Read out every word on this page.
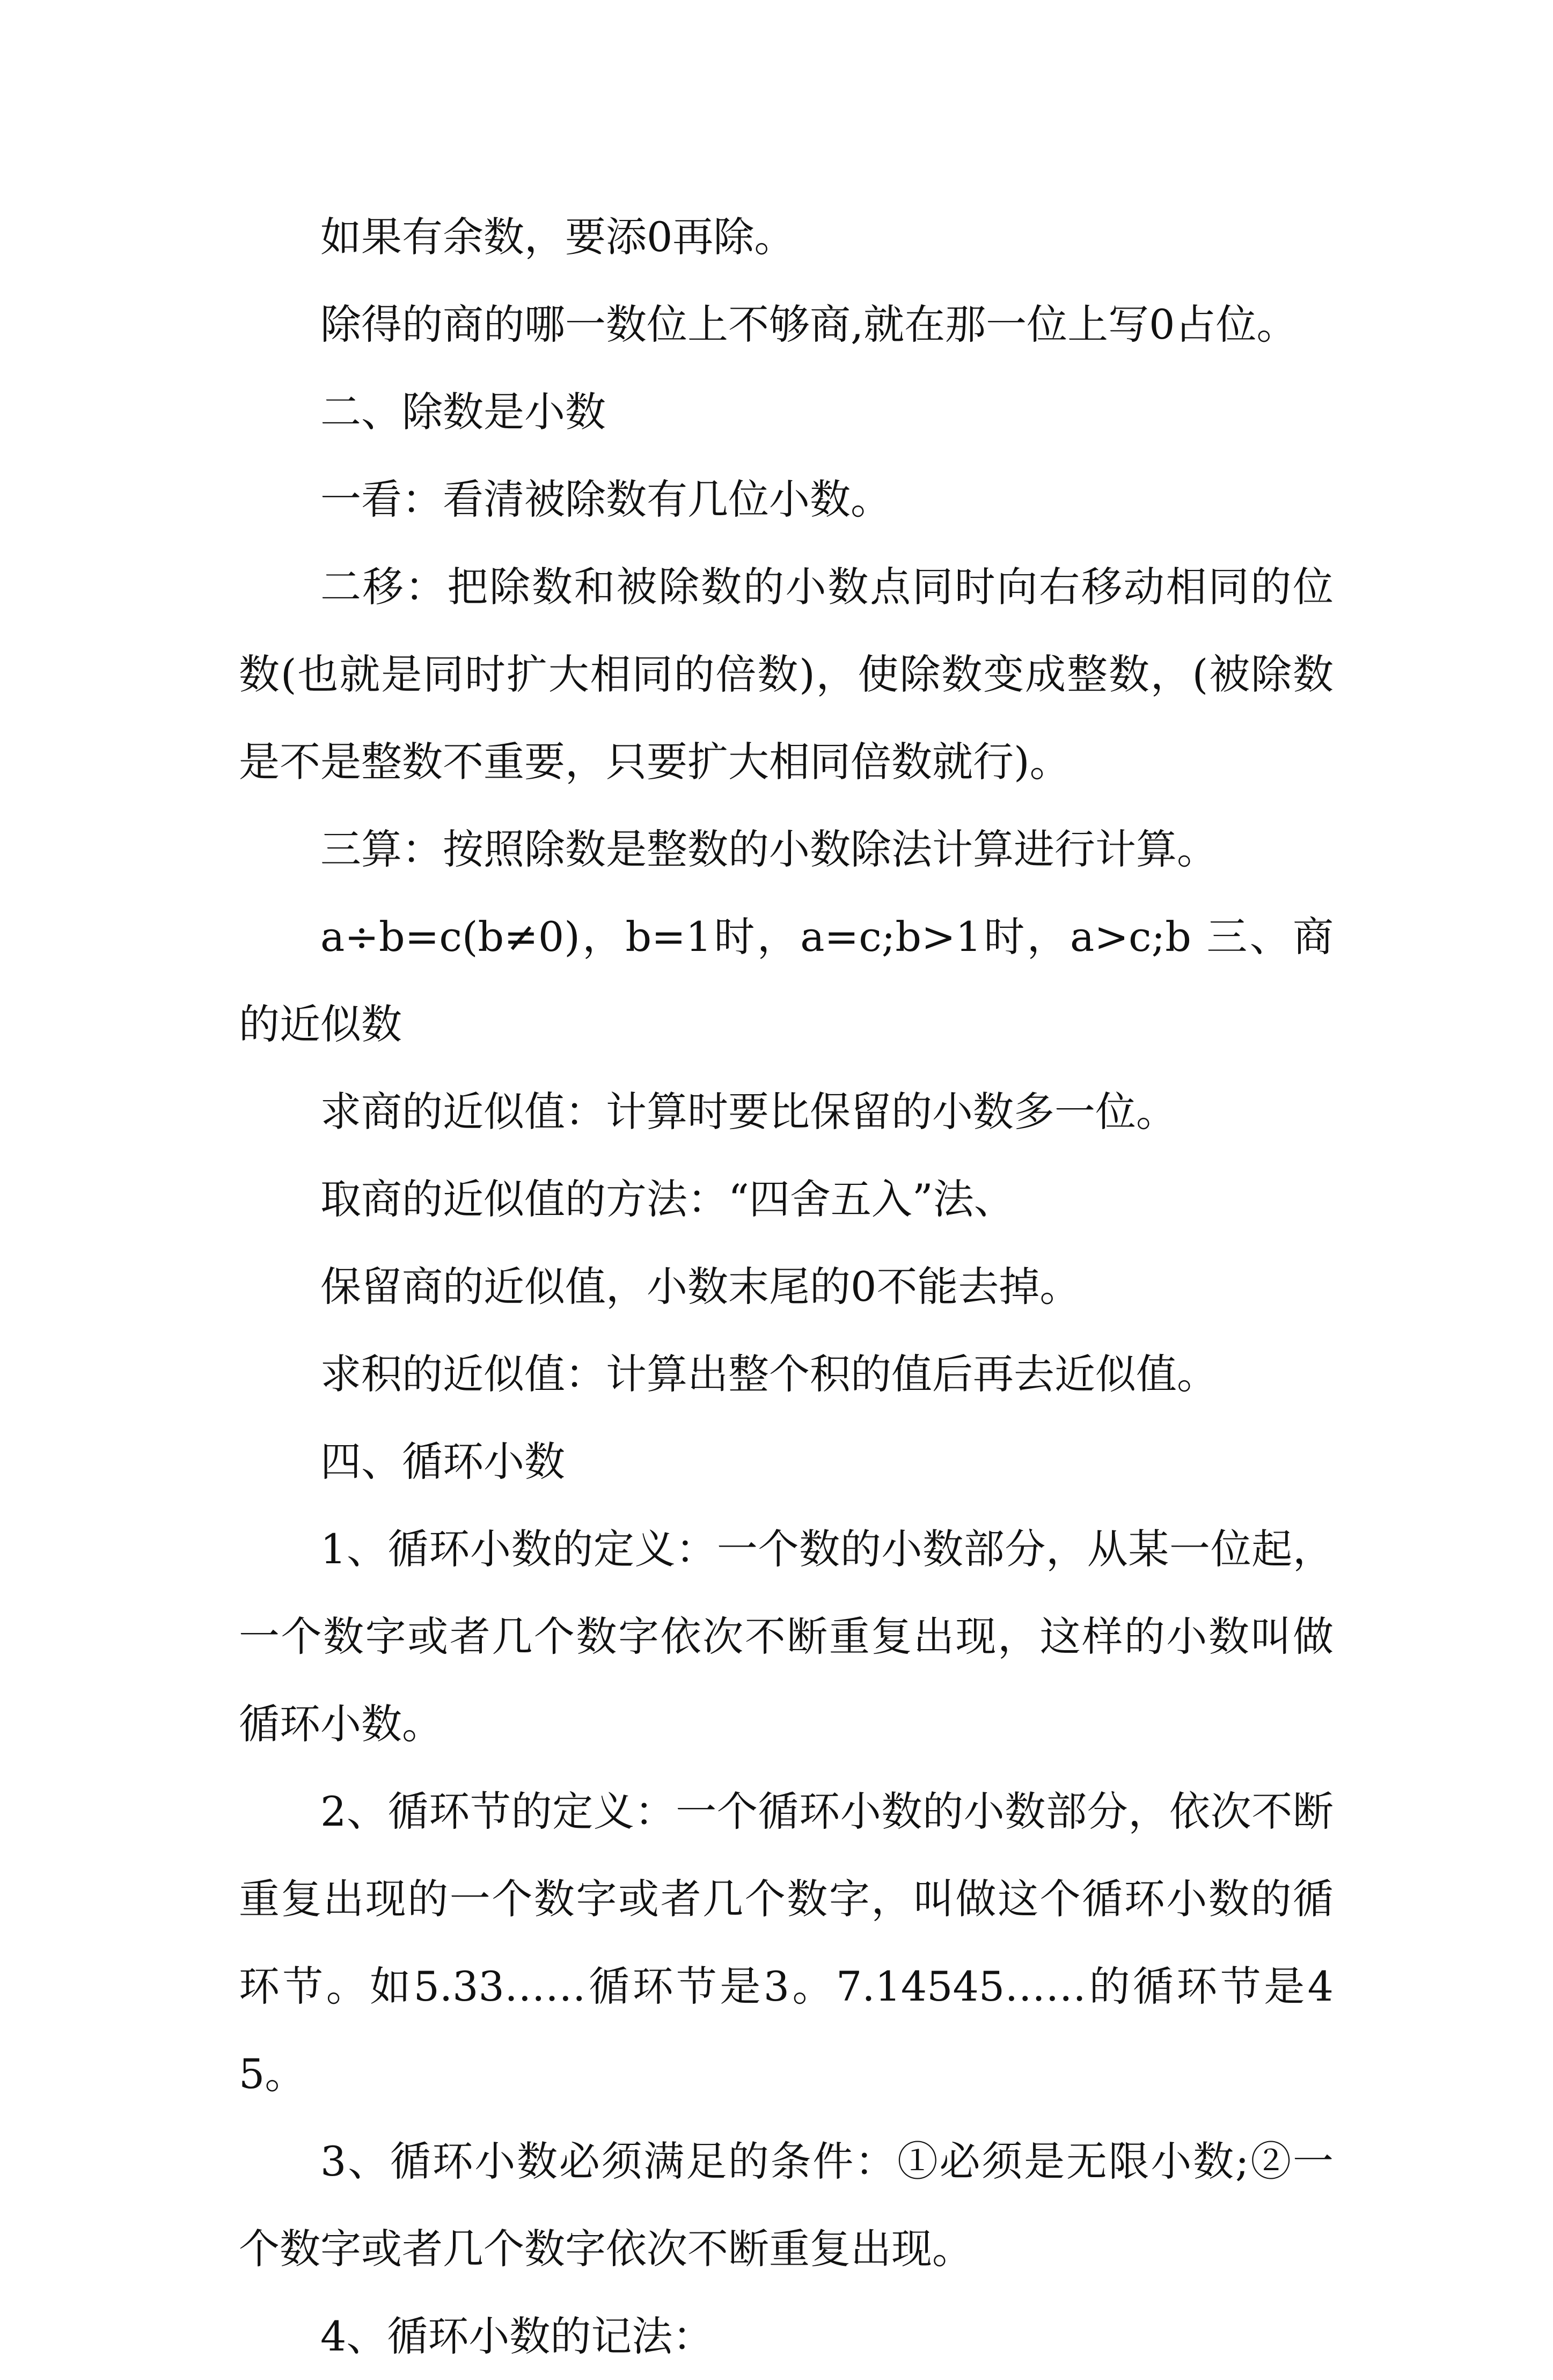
如果有余数，要添0再除。

除得的商的哪一数位上不够商,就在那一位上写0占位。

二、除数是小数

一看：看清被除数有几位小数。

二移：把除数和被除数的小数点同时向右移动相同的位数(也就是同时扩大相同的倍数)，使除数变成整数，(被除数是不是整数不重要，只要扩大相同倍数就行)。

三算：按照除数是整数的小数除法计算进行计算。

a÷b=c(b≠0)，b=1时，a=c;b>1时，a>c;b 三、商的近似数

求商的近似值：计算时要比保留的小数多一位。

取商的近似值的方法：“四舍五入”法、

保留商的近似值，小数末尾的0不能去掉。

求积的近似值：计算出整个积的值后再去近似值。

四、循环小数

1、循环小数的定义：一个数的小数部分，从某一位起，一个数字或者几个数字依次不断重复出现，这样的小数叫做循环小数。

2、循环节的定义：一个循环小数的小数部分，依次不断重复出现的一个数字或者几个数字，叫做这个循环小数的循环节。如5.33……循环节是3。7.14545……的循环节是45。

3、循环小数必须满足的条件：①必须是无限小数;②一个数字或者几个数字依次不断重复出现。

4、循环小数的记法：
